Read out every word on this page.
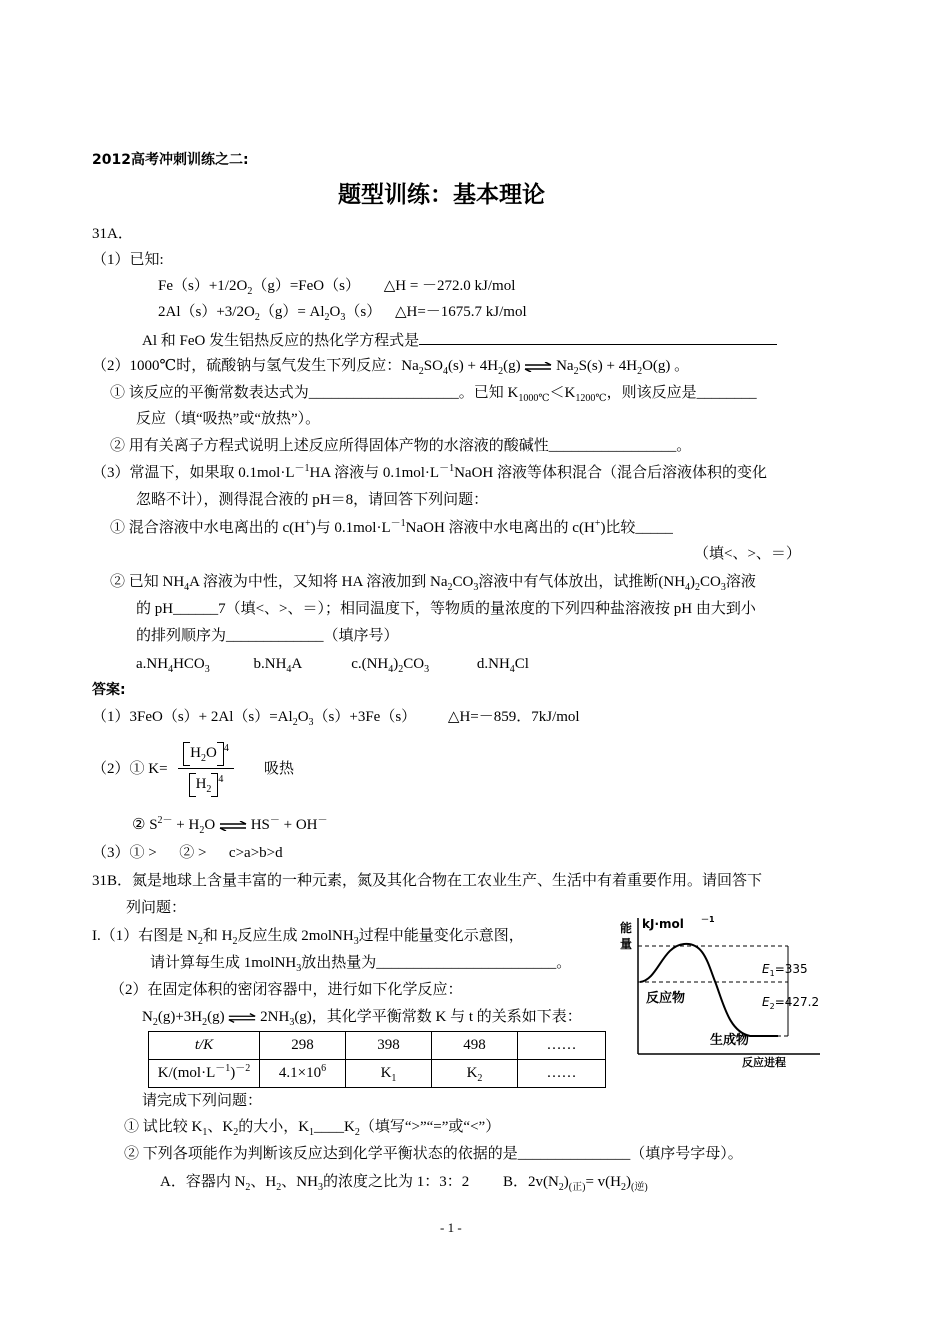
2012高考冲刺训练之二:
题型训练：基本理论
31A．
（1）已知:
$Fe(s)+1/2O_2(g)=FeO(s)$ △H = －272.0 kJ/mol
$2Al(s)+3/2O_2(g)= Al_2O_3(s)$ △H=－1675.7 kJ/mol
Al 和 FeO 发生铝热反应的热化学方程式是
（2）1000℃时，硫酸钠与氢气发生下列反应：$Na_2SO_4(s) + 4H_2(g)$ ⇌ $Na_2S(s) + 4H_2O(g)$ 。
① 该反应的平衡常数表达式为____________________。已知 $K_{1000℃}<K_{1200℃}$，则该反应是________
反应（填“吸热”或“放热”）。
② 用有关离子方程式说明上述反应所得固体产物的水溶液的酸碱性_________________。
（3）常温下，如果取 $0.1mol\cdot L^{-1}HA$ 溶液与 $0.1mol\cdot L^{-1}NaOH$ 溶液等体积混合（混合后溶液体积的变化
忽略不计），测得混合液的 pH＝8，请回答下列问题：
① 混合溶液中水电离出的 c(H+)与 $0.1mol\cdot L^{-1}NaOH$ 溶液中水电离出的 c(H+)比较_____
（填<、>、＝）
② 已知 $NH_4A$ 溶液为中性，又知将 HA 溶液加到 $Na_2CO_3$溶液中有气体放出，试推断$(NH_4)_2CO_3$溶液
的 pH______7（填<、>、＝）；相同温度下，等物质的量浓度的下列四种盐溶液按 pH 由大到小
的排列顺序为_____________（填序号）
$a.NH_4HCO_3$	$b.NH_4A$	$c.(NH_4)_2CO_3$	$d.NH_4Cl$
答案:
$(1)3FeO(s)+ 2Al(s)=Al_2O_3(s)+3Fe(s)$ △H=－859．7kJ/mol
（2）① K=
$H_2O$ $^4$
$H_2^4$
吸热
② $S^{2-} + H_2O$ ⇌ HS－ + OH－
（3）① >      ② >      c>a>b>d
31B．氮是地球上含量丰富的一种元素，氮及其化合物在工农业生产、生活中有着重要作用。请回答下
列问题：
I.（1）右图是 $N_2$和 $H_2$反应生成 2molNH$_3$过程中能量变化示意图，
请计算每生成 1molNH$_3$放出热量为________________________。
（2）在固定体积的密闭容器中，进行如下化学反应：
$N_2(g)+3H_2(g)$ ⇌ $2NH_3(g)$，其化学平衡常数 K 与 t 的关系如下表：
t/K	298	398	498	……
$K/(mol\cdot L^{-1})^{-2}$	$4.1\times 10^6$	$K_1$	$K_2$	……
请完成下列问题：
① 试比较 $K_1$、$K_2$的大小，$K_1\_\_\_\_K_2$（填写“>”“=”或“<”）
② 下列各项能作为判断该反应达到化学平衡状态的依据的是_______________（填序号字母）。
A．容器内 $N_2$、$H_2$、$NH_3$的浓度之比为 1：3：2 B．$2v(N_2)_{(正)}= v(H_2)_{(逆)}$
能
量
kJ·mol －1
$E_1=335$
$E_2=427.2$
反应物
生成物
反应进程
- 1 -
